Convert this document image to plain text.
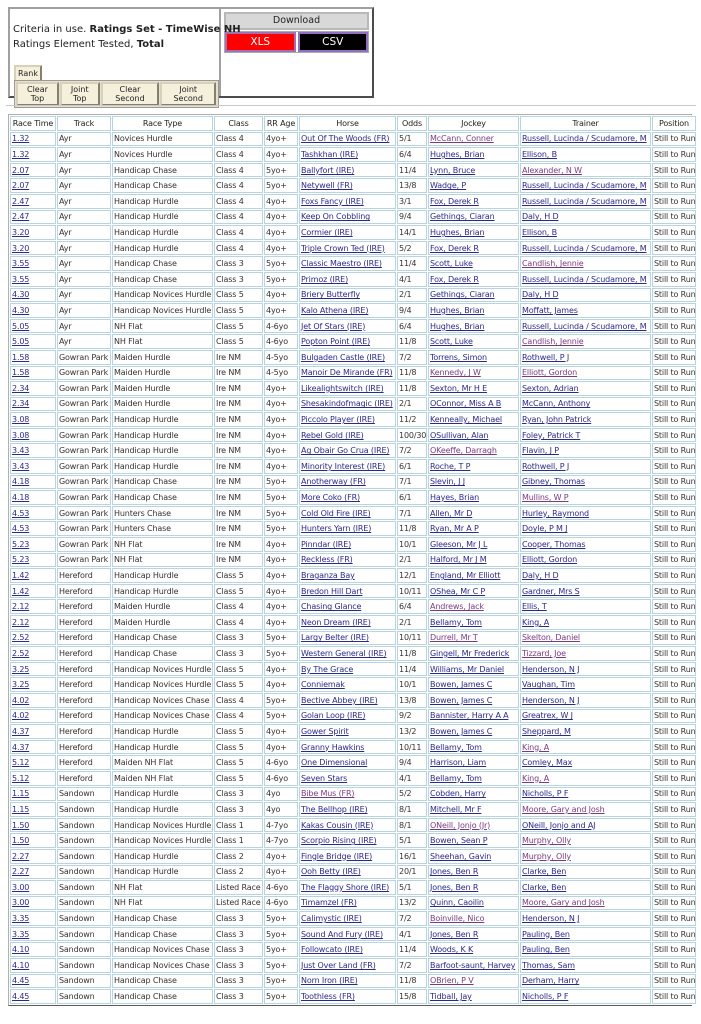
Criteria in use. Ratings Set - TimeWise NH
Ratings Element Tested, Total
Rank
Clear Top
Joint Top
Clear Second
Joint Second
Download
XLS	CSV
Race Time	Track	Race Type	Class	RR Age	Horse	Odds	Jockey	Trainer	Position
1.32	Ayr	Novices Hurdle	Class 4	4yo+	Out Of The Woods (FR)	5/1	McCann, Conner	Russell, Lucinda / Scudamore, M	Still to Run
1.32	Ayr	Novices Hurdle	Class 4	4yo+	Tashkhan (IRE)	6/4	Hughes, Brian	Ellison, B	Still to Run
2.07	Ayr	Handicap Chase	Class 4	5yo+	Ballyfort (IRE)	11/4	Lynn, Bruce	Alexander, N W	Still to Run
2.07	Ayr	Handicap Chase	Class 4	5yo+	Netywell (FR)	13/8	Wadge, P	Russell, Lucinda / Scudamore, M	Still to Run
2.47	Ayr	Handicap Hurdle	Class 4	4yo+	Foxs Fancy (IRE)	3/1	Fox, Derek R	Russell, Lucinda / Scudamore, M	Still to Run
2.47	Ayr	Handicap Hurdle	Class 4	4yo+	Keep On Cobbling	9/4	Gethings, Ciaran	Daly, H D	Still to Run
3.20	Ayr	Handicap Hurdle	Class 4	4yo+	Cormier (IRE)	14/1	Hughes, Brian	Ellison, B	Still to Run
3.20	Ayr	Handicap Hurdle	Class 4	4yo+	Triple Crown Ted (IRE)	5/2	Fox, Derek R	Russell, Lucinda / Scudamore, M	Still to Run
3.55	Ayr	Handicap Chase	Class 3	5yo+	Classic Maestro (IRE)	11/4	Scott, Luke	Candlish, Jennie	Still to Run
3.55	Ayr	Handicap Chase	Class 3	5yo+	Primoz (IRE)	4/1	Fox, Derek R	Russell, Lucinda / Scudamore, M	Still to Run
4.30	Ayr	Handicap Novices Hurdle	Class 5	4yo+	Briery Butterfly	2/1	Gethings, Ciaran	Daly, H D	Still to Run
4.30	Ayr	Handicap Novices Hurdle	Class 5	4yo+	Kalo Athena (IRE)	9/4	Hughes, Brian	Moffatt, James	Still to Run
5.05	Ayr	NH Flat	Class 5	4-6yo	Jet Of Stars (IRE)	6/4	Hughes, Brian	Russell, Lucinda / Scudamore, M	Still to Run
5.05	Ayr	NH Flat	Class 5	4-6yo	Popton Point (IRE)	11/8	Scott, Luke	Candlish, Jennie	Still to Run
1.58	Gowran Park	Maiden Hurdle	Ire NM	4-5yo	Bulgaden Castle (IRE)	7/2	Torrens, Simon	Rothwell, P J	Still to Run
1.58	Gowran Park	Maiden Hurdle	Ire NM	4-5yo	Manoir De Mirande (FR)	11/8	Kennedy, J W	Elliott, Gordon	Still to Run
2.34	Gowran Park	Maiden Hurdle	Ire NM	4yo+	Likealightswitch (IRE)	11/8	Sexton, Mr H E	Sexton, Adrian	Still to Run
2.34	Gowran Park	Maiden Hurdle	Ire NM	4yo+	Shesakindofmagic (IRE)	2/1	OConnor, Miss A B	McCann, Anthony	Still to Run
3.08	Gowran Park	Handicap Hurdle	Ire NM	4yo+	Piccolo Player (IRE)	11/2	Kenneally, Michael	Ryan, John Patrick	Still to Run
3.08	Gowran Park	Handicap Hurdle	Ire NM	4yo+	Rebel Gold (IRE)	100/30	OSullivan, Alan	Foley, Patrick T	Still to Run
3.43	Gowran Park	Handicap Hurdle	Ire NM	4yo+	Ag Obair Go Crua (IRE)	7/2	OKeeffe, Darragh	Flavin, J P	Still to Run
3.43	Gowran Park	Handicap Hurdle	Ire NM	4yo+	Minority Interest (IRE)	6/1	Roche, T P	Rothwell, P J	Still to Run
4.18	Gowran Park	Handicap Chase	Ire NM	5yo+	Anotherway (FR)	7/1	Slevin, J J	Gibney, Thomas	Still to Run
4.18	Gowran Park	Handicap Chase	Ire NM	5yo+	More Coko (FR)	6/1	Hayes, Brian	Mullins, W P	Still to Run
4.53	Gowran Park	Hunters Chase	Ire NM	5yo+	Cold Old Fire (IRE)	7/1	Allen, Mr D	Hurley, Raymond	Still to Run
4.53	Gowran Park	Hunters Chase	Ire NM	5yo+	Hunters Yarn (IRE)	11/8	Ryan, Mr A P	Doyle, P M J	Still to Run
5.23	Gowran Park	NH Flat	Ire NM	4yo+	Pinndar (IRE)	10/1	Gleeson, Mr J L	Cooper, Thomas	Still to Run
5.23	Gowran Park	NH Flat	Ire NM	4yo+	Reckless (FR)	2/1	Halford, Mr J M	Elliott, Gordon	Still to Run
1.42	Hereford	Handicap Hurdle	Class 5	4yo+	Braganza Bay	12/1	England, Mr Elliott	Daly, H D	Still to Run
1.42	Hereford	Handicap Hurdle	Class 5	4yo+	Bredon Hill Dart	10/11	OShea, Mr C P	Gardner, Mrs S	Still to Run
2.12	Hereford	Maiden Hurdle	Class 4	4yo+	Chasing Glance	6/4	Andrews, Jack	Ellis, T	Still to Run
2.12	Hereford	Maiden Hurdle	Class 4	4yo+	Neon Dream (IRE)	2/1	Bellamy, Tom	King, A	Still to Run
2.52	Hereford	Handicap Chase	Class 3	5yo+	Largy Belter (IRE)	10/11	Durrell, Mr T	Skelton, Daniel	Still to Run
2.52	Hereford	Handicap Chase	Class 3	5yo+	Western General (IRE)	11/8	Gingell, Mr Frederick	Tizzard, Joe	Still to Run
3.25	Hereford	Handicap Novices Hurdle	Class 5	4yo+	By The Grace	11/4	Williams, Mr Daniel	Henderson, N J	Still to Run
3.25	Hereford	Handicap Novices Hurdle	Class 5	4yo+	Conniemak	10/1	Bowen, James C	Vaughan, Tim	Still to Run
4.02	Hereford	Handicap Novices Chase	Class 4	5yo+	Bective Abbey (IRE)	13/8	Bowen, James C	Henderson, N J	Still to Run
4.02	Hereford	Handicap Novices Chase	Class 4	5yo+	Golan Loop (IRE)	9/2	Bannister, Harry A A	Greatrex, W J	Still to Run
4.37	Hereford	Handicap Hurdle	Class 5	4yo+	Gower Spirit	13/2	Bowen, James C	Sheppard, M	Still to Run
4.37	Hereford	Handicap Hurdle	Class 5	4yo+	Granny Hawkins	10/11	Bellamy, Tom	King, A	Still to Run
5.12	Hereford	Maiden NH Flat	Class 5	4-6yo	One Dimensional	9/4	Harrison, Liam	Comley, Max	Still to Run
5.12	Hereford	Maiden NH Flat	Class 5	4-6yo	Seven Stars	4/1	Bellamy, Tom	King, A	Still to Run
1.15	Sandown	Handicap Hurdle	Class 3	4yo	Bibe Mus (FR)	5/2	Cobden, Harry	Nicholls, P F	Still to Run
1.15	Sandown	Handicap Hurdle	Class 3	4yo	The Bellhop (IRE)	8/1	Mitchell, Mr F	Moore, Gary and Josh	Still to Run
1.50	Sandown	Handicap Novices Hurdle	Class 1	4-7yo	Kakas Cousin (IRE)	8/1	ONeill, Jonjo (Jr)	ONeill, Jonjo and AJ	Still to Run
1.50	Sandown	Handicap Novices Hurdle	Class 1	4-7yo	Scorpio Rising (IRE)	5/1	Bowen, Sean P	Murphy, Olly	Still to Run
2.27	Sandown	Handicap Hurdle	Class 2	4yo+	Fingle Bridge (IRE)	16/1	Sheehan, Gavin	Murphy, Olly	Still to Run
2.27	Sandown	Handicap Hurdle	Class 2	4yo+	Ooh Betty (IRE)	20/1	Jones, Ben R	Clarke, Ben	Still to Run
3.00	Sandown	NH Flat	Listed Race	4-6yo	The Flaggy Shore (IRE)	5/1	Jones, Ben R	Clarke, Ben	Still to Run
3.00	Sandown	NH Flat	Listed Race	4-6yo	Timamzel (FR)	13/2	Quinn, Caoilin	Moore, Gary and Josh	Still to Run
3.35	Sandown	Handicap Chase	Class 3	5yo+	Calimystic (IRE)	7/2	Boinville, Nico	Henderson, N J	Still to Run
3.35	Sandown	Handicap Chase	Class 3	5yo+	Sound And Fury (IRE)	4/1	Jones, Ben R	Pauling, Ben	Still to Run
4.10	Sandown	Handicap Novices Chase	Class 3	5yo+	Followcato (IRE)	11/4	Woods, K K	Pauling, Ben	Still to Run
4.10	Sandown	Handicap Novices Chase	Class 3	5yo+	Just Over Land (FR)	7/2	Barfoot-saunt, Harvey	Thomas, Sam	Still to Run
4.45	Sandown	Handicap Chase	Class 3	5yo+	Norn Iron (IRE)	11/8	OBrien, P V	Derham, Harry	Still to Run
4.45	Sandown	Handicap Chase	Class 3	5yo+	Toothless (FR)	15/8	Tidball, Jay	Nicholls, P F	Still to Run
